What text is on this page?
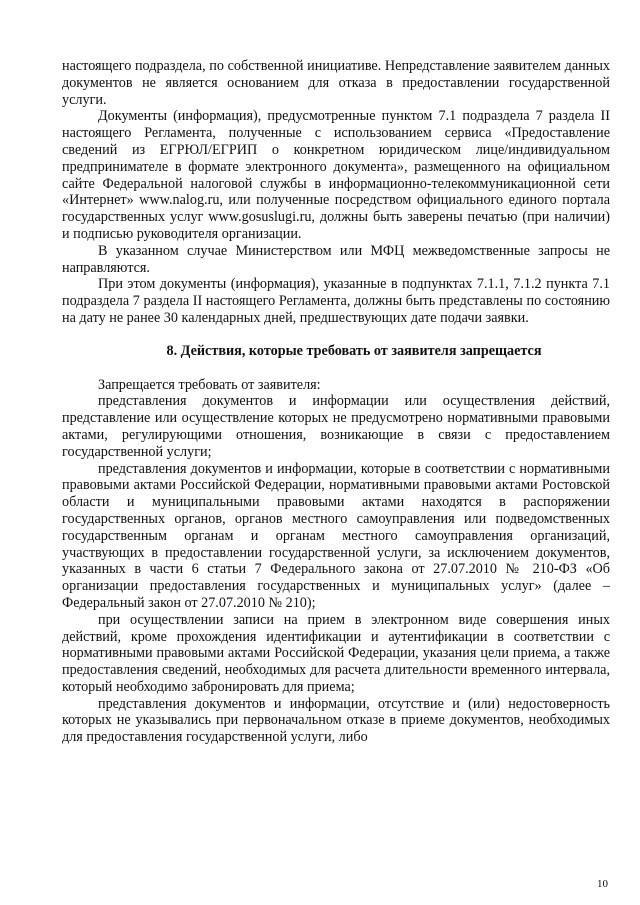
настоящего подраздела, по собственной инициативе. Непредставление заявителем данных документов не является основанием для отказа в предоставлении государственной услуги.

Документы (информация), предусмотренные пунктом 7.1 подраздела 7 раздела II настоящего Регламента, полученные с использованием сервиса «Предоставление сведений из ЕГРЮЛ/ЕГРИП о конкретном юридическом лице/индивидуальном предпринимателе в формате электронного документа», размещенного на официальном сайте Федеральной налоговой службы в информационно-телекоммуникационной сети «Интернет» www.nalog.ru, или полученные посредством официального единого портала государственных услуг www.gosuslugi.ru, должны быть заверены печатью (при наличии) и подписью руководителя организации.

В указанном случае Министерством или МФЦ межведомственные запросы не направляются.

При этом документы (информация), указанные в подпунктах 7.1.1, 7.1.2 пункта 7.1 подраздела 7 раздела II настоящего Регламента, должны быть представлены по состоянию на дату не ранее 30 календарных дней, предшествующих дате подачи заявки.

8. Действия, которые требовать от заявителя запрещается

Запрещается требовать от заявителя:

представления документов и информации или осуществления действий, представление или осуществление которых не предусмотрено нормативными правовыми актами, регулирующими отношения, возникающие в связи с предоставлением государственной услуги;

представления документов и информации, которые в соответствии с нормативными правовыми актами Российской Федерации, нормативными правовыми актами Ростовской области и муниципальными правовыми актами находятся в распоряжении государственных органов, органов местного самоуправления или подведомственных государственным органам и органам местного самоуправления организаций, участвующих в предоставлении государственной услуги, за исключением документов, указанных в части 6 статьи 7 Федерального закона от 27.07.2010 № 210-ФЗ «Об организации предоставления государственных и муниципальных услуг» (далее – Федеральный закон от 27.07.2010 № 210);

при осуществлении записи на прием в электронном виде совершения иных действий, кроме прохождения идентификации и аутентификации в соответствии с нормативными правовыми актами Российской Федерации, указания цели приема, а также предоставления сведений, необходимых для расчета длительности временного интервала, который необходимо забронировать для приема;

представления документов и информации, отсутствие и (или) недостоверность которых не указывались при первоначальном отказе в приеме документов, необходимых для предоставления государственной услуги, либо

10
